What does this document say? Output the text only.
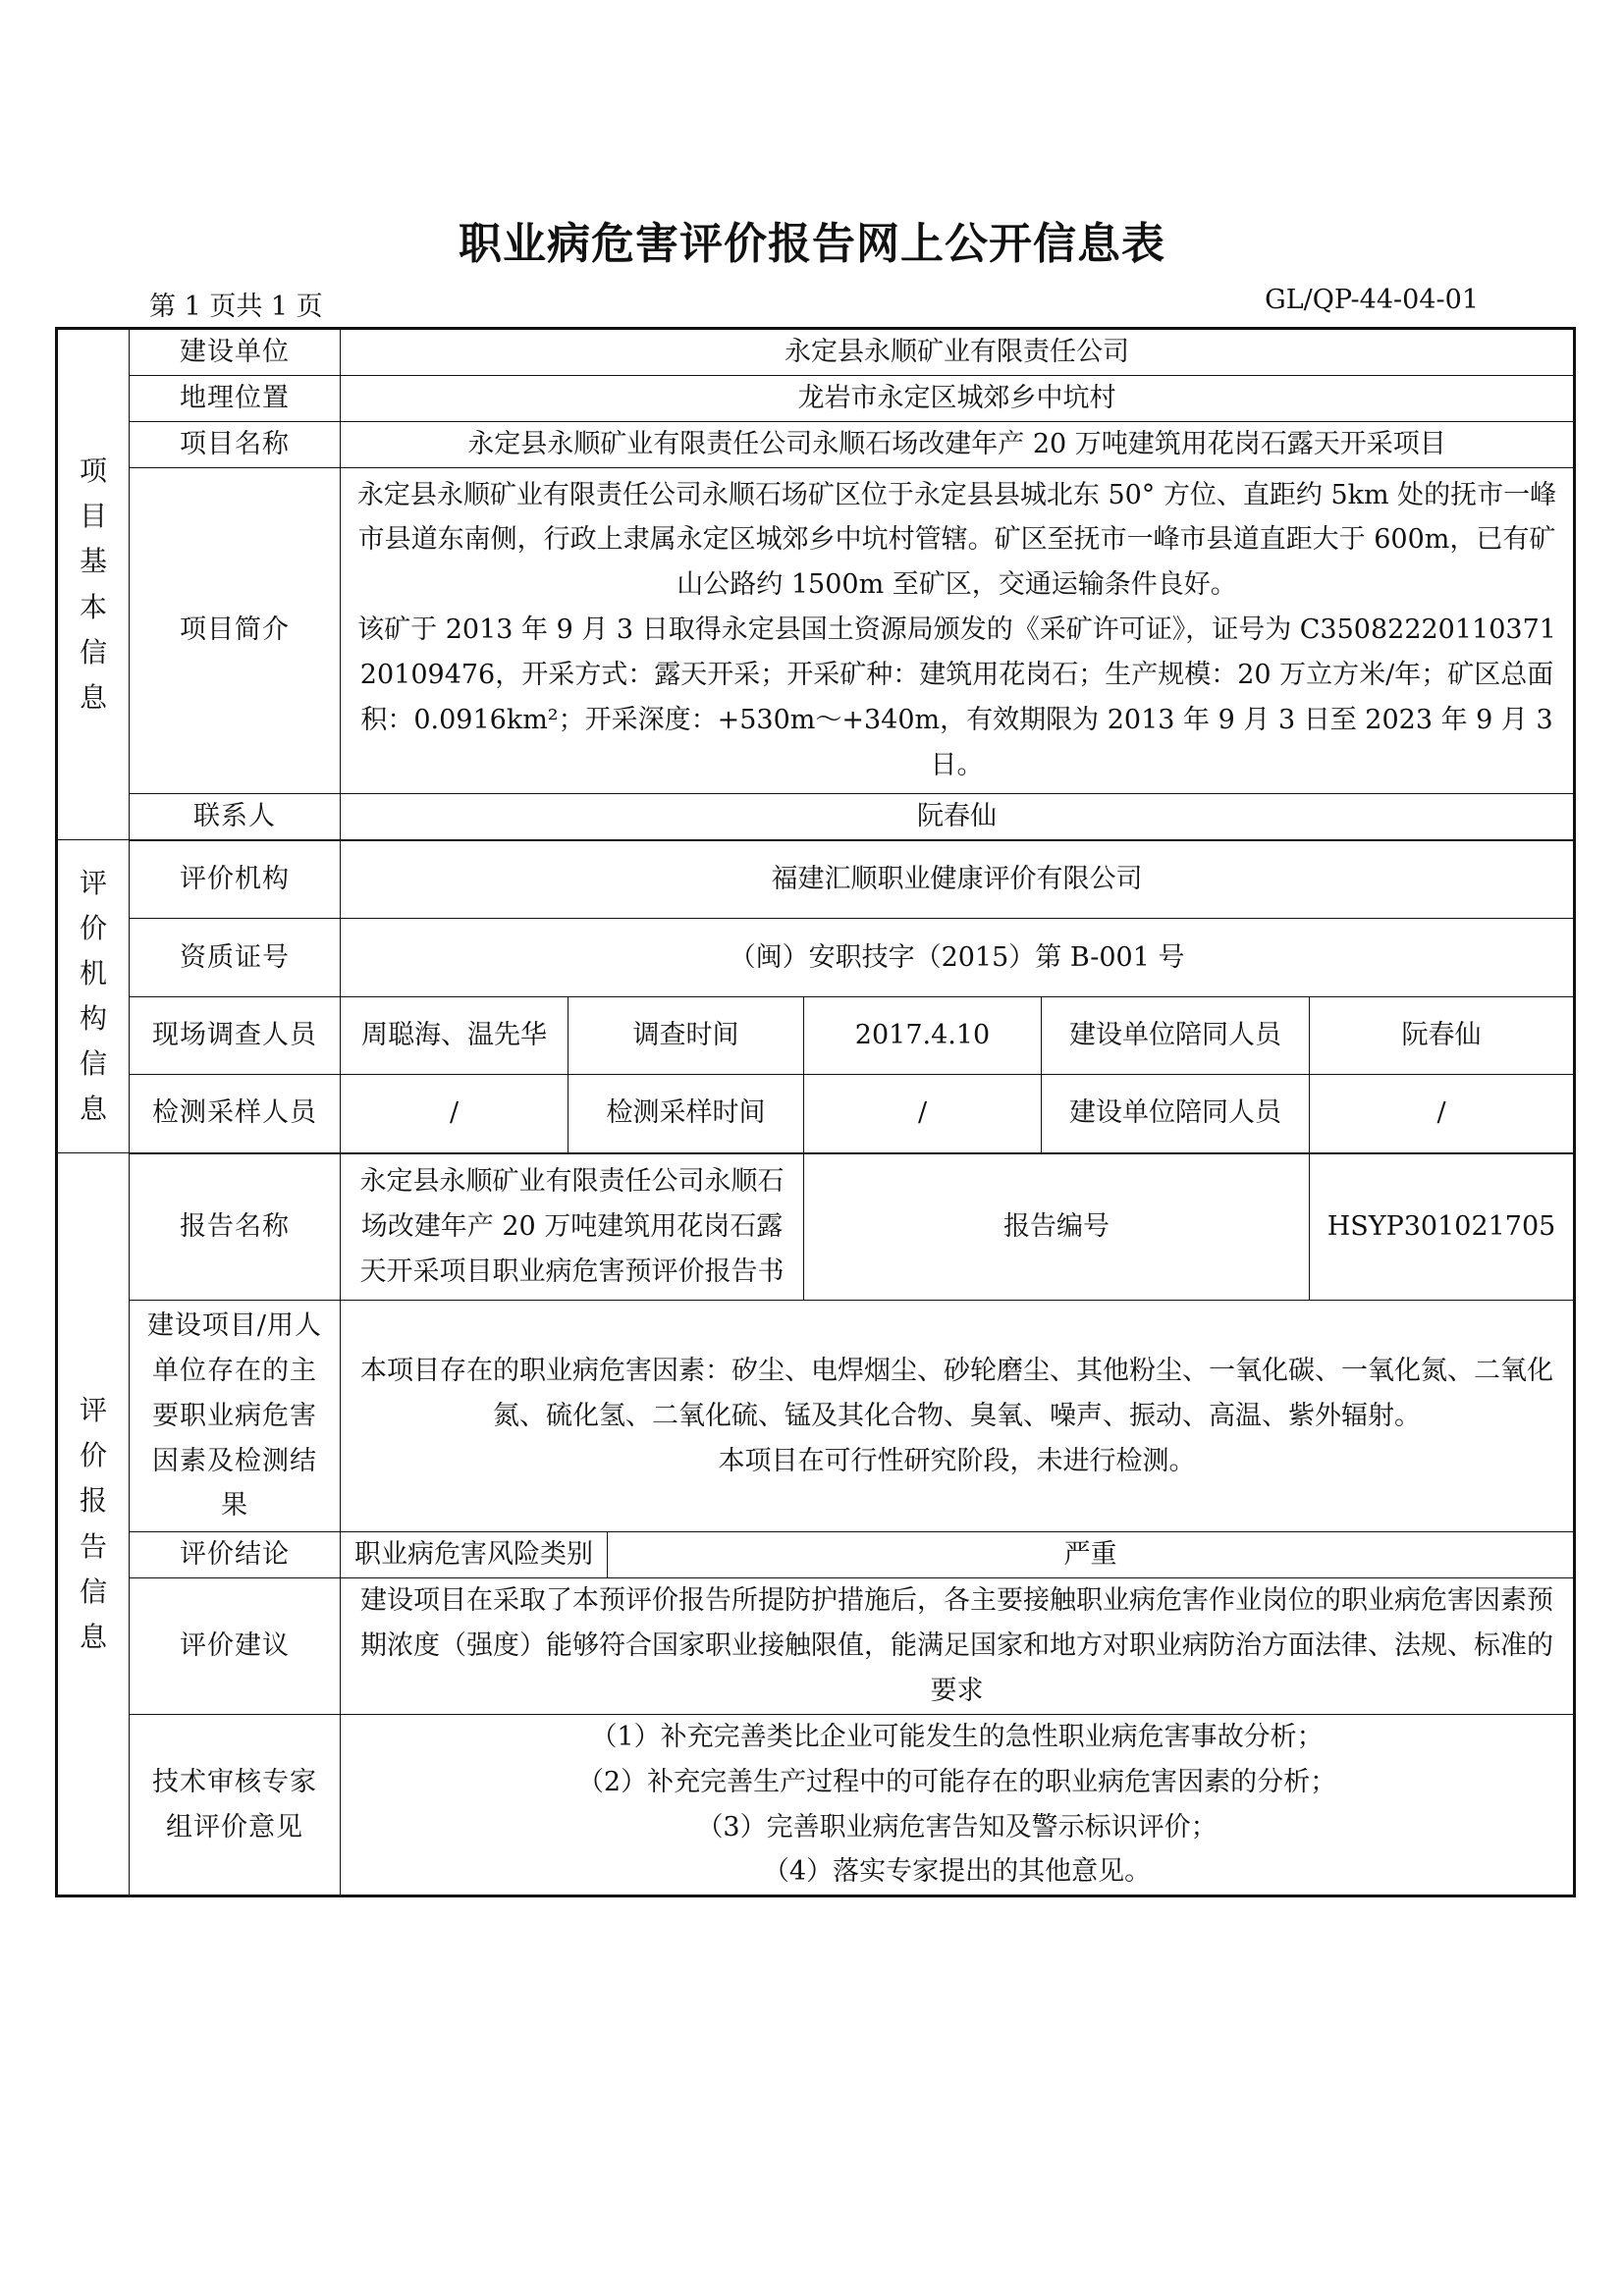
职业病危害评价报告网上公开信息表
第 1 页共 1 页	GL/QP-44-04-01
项目基本信息	建设单位	永定县永顺矿业有限责任公司					
	地理位置	龙岩市永定区城郊乡中坑村					
	项目名称	永定县永顺矿业有限责任公司永顺石场改建年产 20 万吨建筑用花岗石露天开采项目					
	项目简介	永定县永顺矿业有限责任公司永顺石场矿区位于永定县县城北东 50° 方位、直距约 5km 处的抚市一峰市县道东南侧，行政上隶属永定区城郊乡中坑村管辖。矿区至抚市一峰市县道直距大于 600m，已有矿山公路约 1500m 至矿区，交通运输条件良好。
该矿于 2013 年 9 月 3 日取得永定县国土资源局颁发的《采矿许可证》，证号为 C3508222011037120109476，开采方式：露天开采；开采矿种：建筑用花岗石；生产规模：20 万立方米/年；矿区总面积：0.0916km²；开采深度：+530m～+340m，有效期限为 2013 年 9 月 3 日至 2023 年 9 月 3 日。					

	联系人	阮春仙					
评价机构信息	评价机构	福建汇顺职业健康评价有限公司					
	资质证号	（闽）安职技字（2015）第 B-001 号					
	现场调查人员	周聪海、温先华	调查时间		2017.4.10	建设单位陪同人员	阮春仙
	检测采样人员	/	检测采样时间		/	建设单位陪同人员	/
评价报告信息	报告名称	永定县永顺矿业有限责任公司永顺石场改建年产 20 万吨建筑用花岗石露天开采项目职业病危害预评价报告书			报告编号		HSYP301021705
	建设项目/用人单位存在的主要职业病危害因素及检测结果	本项目存在的职业病危害因素：矽尘、电焊烟尘、砂轮磨尘、其他粉尘、一氧化碳、一氧化氮、二氧化氮、硫化氢、二氧化硫、锰及其化合物、臭氧、噪声、振动、高温、紫外辐射。
本项目在可行性研究阶段，未进行检测。					

	评价结论	职业病危害风险类别		严重			
	评价建议	建设项目在采取了本预评价报告所提防护措施后，各主要接触职业病危害作业岗位的职业病危害因素预期浓度（强度）能够符合国家职业接触限值，能满足国家和地方对职业病防治方面法律、法规、标准的要求					
	技术审核专家组评价意见	（1）补充完善类比企业可能发生的急性职业病危害事故分析；
（2）补充完善生产过程中的可能存在的职业病危害因素的分析；
（3）完善职业病危害告知及警示标识评价；
（4）落实专家提出的其他意见。					
